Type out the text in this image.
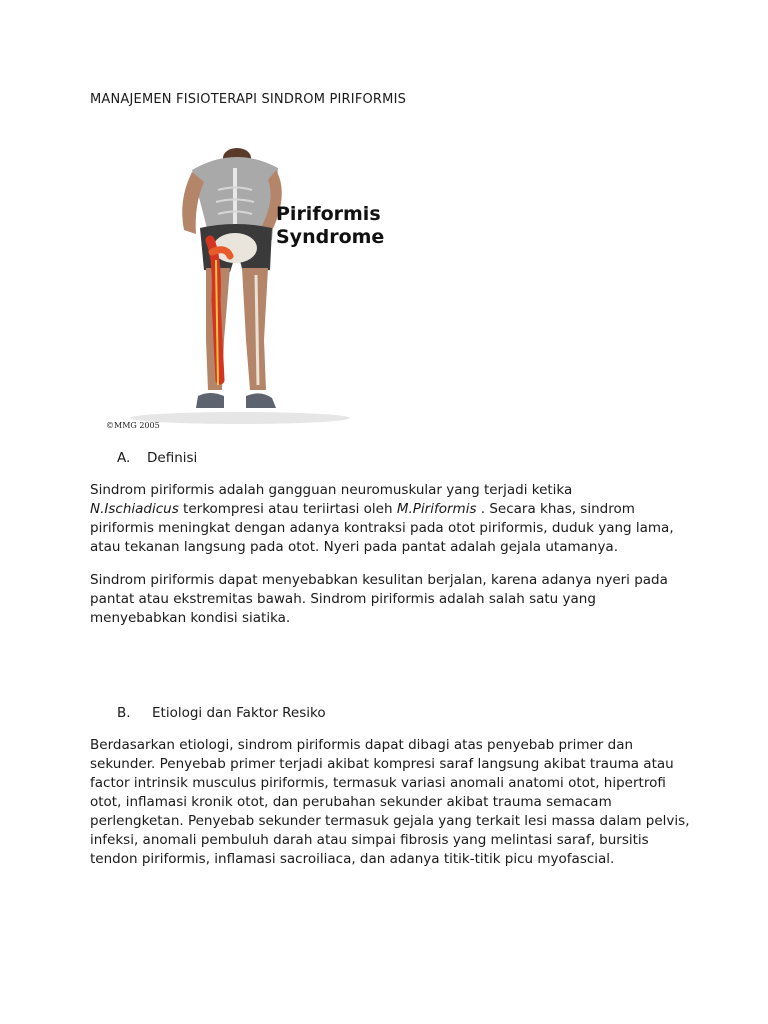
MANAJEMEN FISIOTERAPI SINDROM PIRIFORMIS
Piriformis
Syndrome
©MMG 2005
A. Definisi

Sindrom piriformis adalah gangguan neuromuskular yang terjadi ketika
N.Ischiadicus terkompresi atau teriirtasi oleh M.Piriformis . Secara khas, sindrom piriformis meningkat dengan adanya kontraksi pada otot piriformis, duduk yang lama, atau tekanan langsung pada otot. Nyeri pada pantat adalah gejala utamanya.

Sindrom piriformis dapat menyebabkan kesulitan berjalan, karena adanya nyeri pada pantat atau ekstremitas bawah. Sindrom piriformis adalah salah satu yang menyebabkan kondisi siatika.

B. Etiologi dan Faktor Resiko

Berdasarkan etiologi, sindrom piriformis dapat dibagi atas penyebab primer dan sekunder. Penyebab primer terjadi akibat kompresi saraf langsung akibat trauma atau factor intrinsik musculus piriformis, termasuk variasi anomali anatomi otot, hipertrofi otot, inflamasi kronik otot, dan perubahan sekunder akibat trauma semacam perlengketan. Penyebab sekunder termasuk gejala yang terkait lesi massa dalam pelvis, infeksi, anomali pembuluh darah atau simpai fibrosis yang melintasi saraf, bursitis tendon piriformis, inflamasi sacroiliaca, dan adanya titik-titik picu myofascial.
